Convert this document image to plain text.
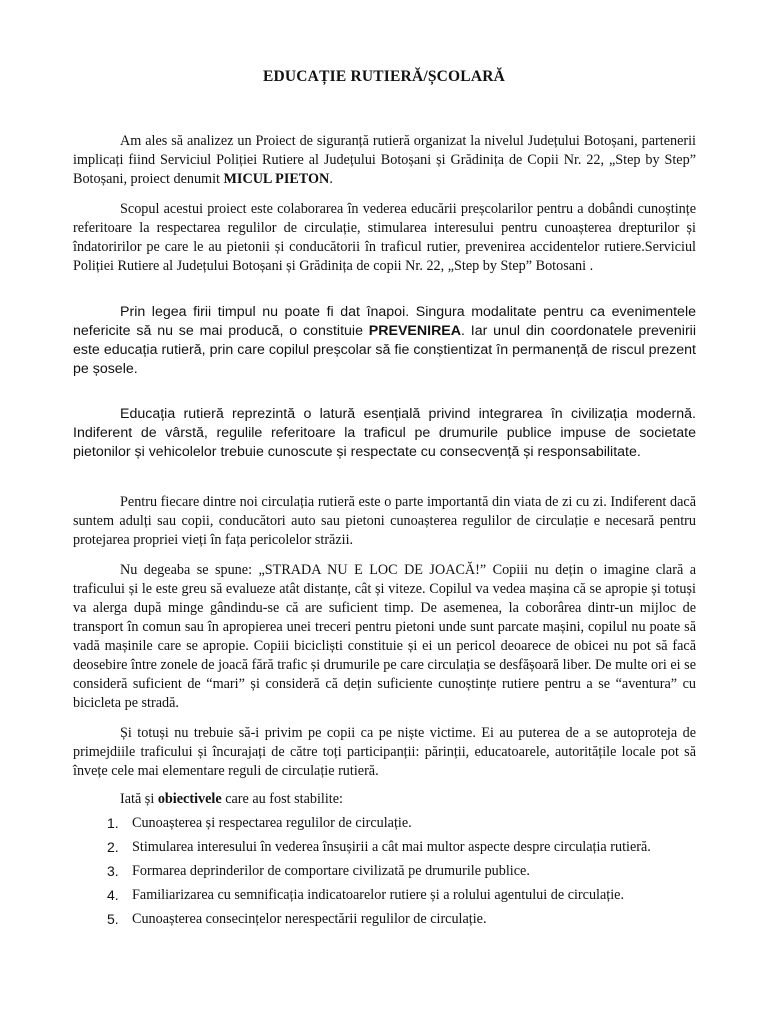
EDUCAȚIE RUTIERĂ/ȘCOLARĂ

Am ales să analizez un Proiect de siguranță rutieră organizat la nivelul Județului Botoșani, partenerii implicați fiind Serviciul Poliției Rutiere al Județului Botoșani și Grădinița de Copii Nr. 22, „Step by Step” Botoșani, proiect denumit MICUL PIETON.

Scopul acestui proiect este colaborarea în vederea educării preșcolarilor pentru a dobândi cunoștințe referitoare la respectarea regulilor de circulație, stimularea interesului pentru cunoașterea drepturilor și îndatoririlor pe care le au pietonii și conducătorii în traficul rutier, prevenirea accidentelor rutiere.Serviciul Poliției Rutiere al Județului Botoșani și Grădinița de copii Nr. 22, „Step by Step” Botosani .

Prin legea firii timpul nu poate fi dat înapoi. Singura modalitate pentru ca evenimentele nefericite să nu se mai producă, o constituie PREVENIREA. Iar unul din coordonatele prevenirii este educația rutieră, prin care copilul preșcolar să fie conștientizat în permanență de riscul prezent pe șosele.

Educația rutieră reprezintă o latură esențială privind integrarea în civilizația modernă. Indiferent de vârstă, regulile referitoare la traficul pe drumurile publice impuse de societate pietonilor și vehicolelor trebuie cunoscute și respectate cu consecvență și responsabilitate.

Pentru fiecare dintre noi circulația rutieră este o parte importantă din viata de zi cu zi. Indiferent dacă suntem adulți sau copii, conducători auto sau pietoni cunoașterea regulilor de circulație e necesară pentru protejarea propriei vieți în fața pericolelor străzii.

Nu degeaba se spune: „STRADA NU E LOC DE JOACĂ!” Copiii nu dețin o imagine clară a traficului și le este greu să evalueze atât distanțe, cât și viteze. Copilul va vedea mașina că se apropie și totuși va alerga după minge gândindu-se că are suficient timp. De asemenea, la coborârea dintr-un mijloc de transport în comun sau în apropierea unei treceri pentru pietoni unde sunt parcate mașini, copilul nu poate să vadă mașinile care se apropie. Copiii bicicliști constituie și ei un pericol deoarece de obicei nu pot să facă deosebire între zonele de joacă fără trafic și drumurile pe care circulația se desfășoară liber. De multe ori ei se consideră suficient de “mari” și consideră că dețin suficiente cunoștințe rutiere pentru a se “aventura” cu bicicleta pe stradă.

Și totuși nu trebuie să-i privim pe copii ca pe niște victime. Ei au puterea de a se autoproteja de primejdiile traficului și încurajați de către toți participanții: părinții, educatoarele, autoritățile locale pot să învețe cele mai elementare reguli de circulație rutieră.

Iată și obiectivele care au fost stabilite:
1. Cunoașterea și respectarea regulilor de circulație.
2. Stimularea interesului în vederea însușirii a cât mai multor aspecte despre circulația rutieră.
3. Formarea deprinderilor de comportare civilizată pe drumurile publice.
4. Familiarizarea cu semnificația indicatoarelor rutiere și a rolului agentului de circulație.
5. Cunoașterea consecințelor nerespectării regulilor de circulație.
